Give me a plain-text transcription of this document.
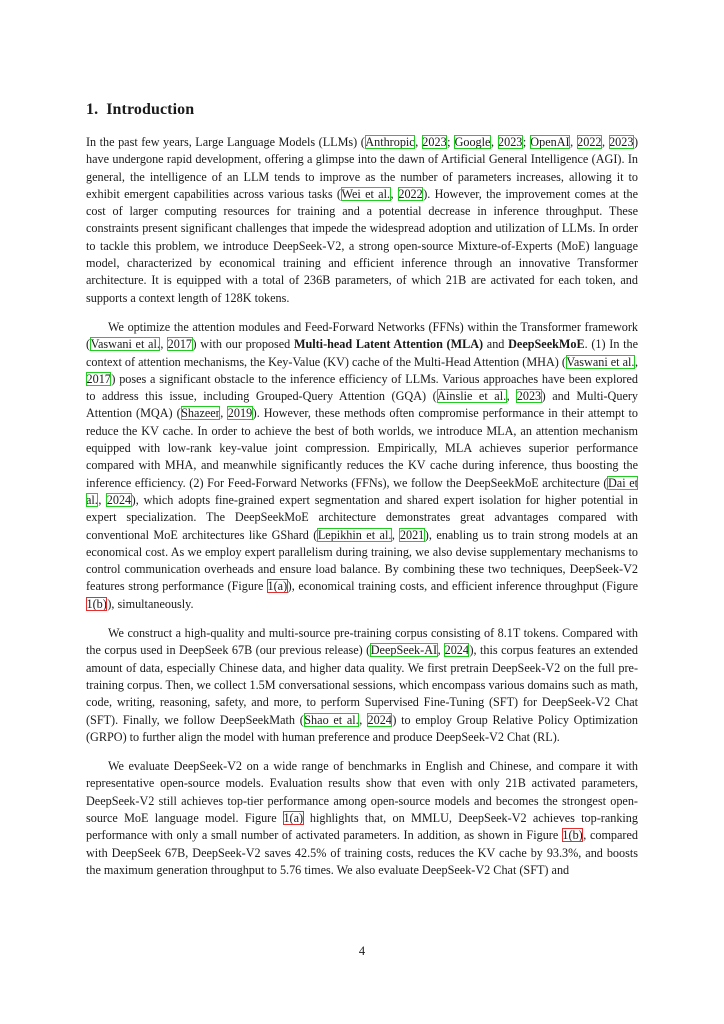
1. Introduction

In the past few years, Large Language Models (LLMs) (Anthropic, 2023; Google, 2023; OpenAI, 2022, 2023) have undergone rapid development, offering a glimpse into the dawn of Artificial General Intelligence (AGI). In general, the intelligence of an LLM tends to improve as the number of parameters increases, allowing it to exhibit emergent capabilities across various tasks (Wei et al., 2022). However, the improvement comes at the cost of larger computing resources for training and a potential decrease in inference throughput. These constraints present significant challenges that impede the widespread adoption and utilization of LLMs. In order to tackle this problem, we introduce DeepSeek-V2, a strong open-source Mixture-of-Experts (MoE) language model, characterized by economical training and efficient inference through an innovative Transformer architecture. It is equipped with a total of 236B parameters, of which 21B are activated for each token, and supports a context length of 128K tokens.

We optimize the attention modules and Feed-Forward Networks (FFNs) within the Transformer framework (Vaswani et al., 2017) with our proposed Multi-head Latent Attention (MLA) and DeepSeekMoE. (1) In the context of attention mechanisms, the Key-Value (KV) cache of the Multi-Head Attention (MHA) (Vaswani et al., 2017) poses a significant obstacle to the inference efficiency of LLMs. Various approaches have been explored to address this issue, including Grouped-Query Attention (GQA) (Ainslie et al., 2023) and Multi-Query Attention (MQA) (Shazeer, 2019). However, these methods often compromise performance in their attempt to reduce the KV cache. In order to achieve the best of both worlds, we introduce MLA, an attention mechanism equipped with low-rank key-value joint compression. Empirically, MLA achieves superior performance compared with MHA, and meanwhile significantly reduces the KV cache during inference, thus boosting the inference efficiency. (2) For Feed-Forward Networks (FFNs), we follow the DeepSeekMoE architecture (Dai et al., 2024), which adopts fine-grained expert segmentation and shared expert isolation for higher potential in expert specialization. The DeepSeekMoE architecture demonstrates great advantages compared with conventional MoE architectures like GShard (Lepikhin et al., 2021), enabling us to train strong models at an economical cost. As we employ expert parallelism during training, we also devise supplementary mechanisms to control communication overheads and ensure load balance. By combining these two techniques, DeepSeek-V2 features strong performance (Figure 1(a)), economical training costs, and efficient inference throughput (Figure 1(b)), simultaneously.

We construct a high-quality and multi-source pre-training corpus consisting of 8.1T tokens. Compared with the corpus used in DeepSeek 67B (our previous release) (DeepSeek-AI, 2024), this corpus features an extended amount of data, especially Chinese data, and higher data quality. We first pretrain DeepSeek-V2 on the full pre-training corpus. Then, we collect 1.5M conversational sessions, which encompass various domains such as math, code, writing, reasoning, safety, and more, to perform Supervised Fine-Tuning (SFT) for DeepSeek-V2 Chat (SFT). Finally, we follow DeepSeekMath (Shao et al., 2024) to employ Group Relative Policy Optimization (GRPO) to further align the model with human preference and produce DeepSeek-V2 Chat (RL).

We evaluate DeepSeek-V2 on a wide range of benchmarks in English and Chinese, and compare it with representative open-source models. Evaluation results show that even with only 21B activated parameters, DeepSeek-V2 still achieves top-tier performance among open-source models and becomes the strongest open-source MoE language model. Figure 1(a) highlights that, on MMLU, DeepSeek-V2 achieves top-ranking performance with only a small number of activated parameters. In addition, as shown in Figure 1(b), compared with DeepSeek 67B, DeepSeek-V2 saves 42.5% of training costs, reduces the KV cache by 93.3%, and boosts the maximum generation throughput to 5.76 times. We also evaluate DeepSeek-V2 Chat (SFT) and

4
